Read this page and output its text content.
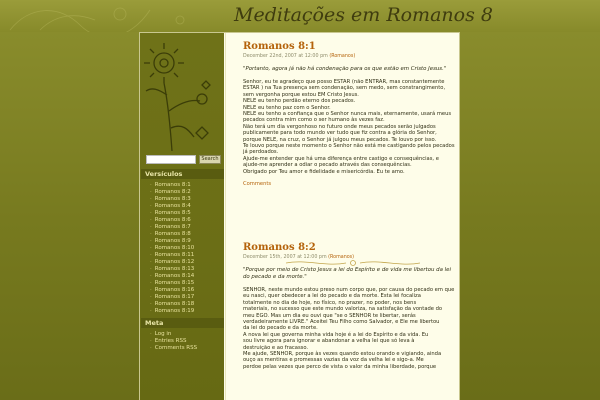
Meditações em Romanos 8
Search
Versículos
· Romanos 8:1
· Romanos 8:2
· Romanos 8:3
· Romanos 8:4
· Romanos 8:5
· Romanos 8:6
· Romanos 8:7
· Romanos 8:8
· Romanos 8:9
· Romanos 8:10
· Romanos 8:11
· Romanos 8:12
· Romanos 8:13
· Romanos 8:14
· Romanos 8:15
· Romanos 8:16
· Romanos 8:17
· Romanos 8:18
· Romanos 8:19
Meta
· Log in
· Entries RSS
· Comments RSS
Romanos 8:1
December 22nd, 2007 at 12:00 pm (Romanos)
"Portanto, agora já não há condenação para os que estão em Cristo Jesus."
Senhor, eu te agradeço que posso ESTAR (não ENTRAR, mas constantemente
ESTAR ) na Tua presença sem condenação, sem medo, sem constrangimento,
sem vergonha porque estou EM Cristo Jesus.
NELE eu tenho perdão eterno dos pecados.
NELE eu tenho paz com o Senhor.
NELE eu tenho a confiança que o Senhor nunca mais, eternamente, usará meus
pecados contra mim como o ser humano às vezes faz.
Não terá um dia vergonhoso no futuro onde meus pecados serão julgados
publicamente para todo mundo ver tudo que fiz contra a glória do Senhor,
porque NELE, na cruz, o Senhor já julgou meus pecados. Te louvo por isso.
Te louvo porque neste momento o Senhor não está me castigando pelos pecados
já perdoados.
Ajude-me entender que há uma diferença entre castigo e consequências, e
ajude-me aprender a odiar o pecado através das consequências.
Obrigado por Teu amor e fidelidade e misericórdia. Eu te amo.
Comments
Romanos 8:2
December 15th, 2007 at 12:00 pm (Romanos)
"Porque por meio de Cristo Jesus a lei do Espírito e de vida me libertou da lei do pecado e da morte."
SENHOR, neste mundo estou preso num corpo que, por causa do pecado em que
eu nasci, quer obedecer a lei do pecado e da morte. Esta lei focaliza
totalmente no dia de hoje, no físico, no prazer, no poder, nos bens
materiais, no sucesso que este mundo valoriza, na satisfação da vontade do
meu EGO. Mas um dia eu ouvi que "se o SENHOR te libertar, serás
verdadeiramente LIVRE." Aceitei Teu Filho como Salvador, e Ele me libertou
da lei do pecado e da morte.
A nova lei que governa minha vida hoje é a lei do Espírito e da vida. Eu
sou livre agora para ignorar e abandonar a velha lei que só leva à
destruição e ao fracasso.
Me ajude, SENHOR, porque às vezes quando estou orando e vigiando, ainda
ouço as mentiras e promessas vazias da voz da velha lei e sigo-a. Me
perdoe pelas vezes que perco de vista o valor da minha liberdade, porque
